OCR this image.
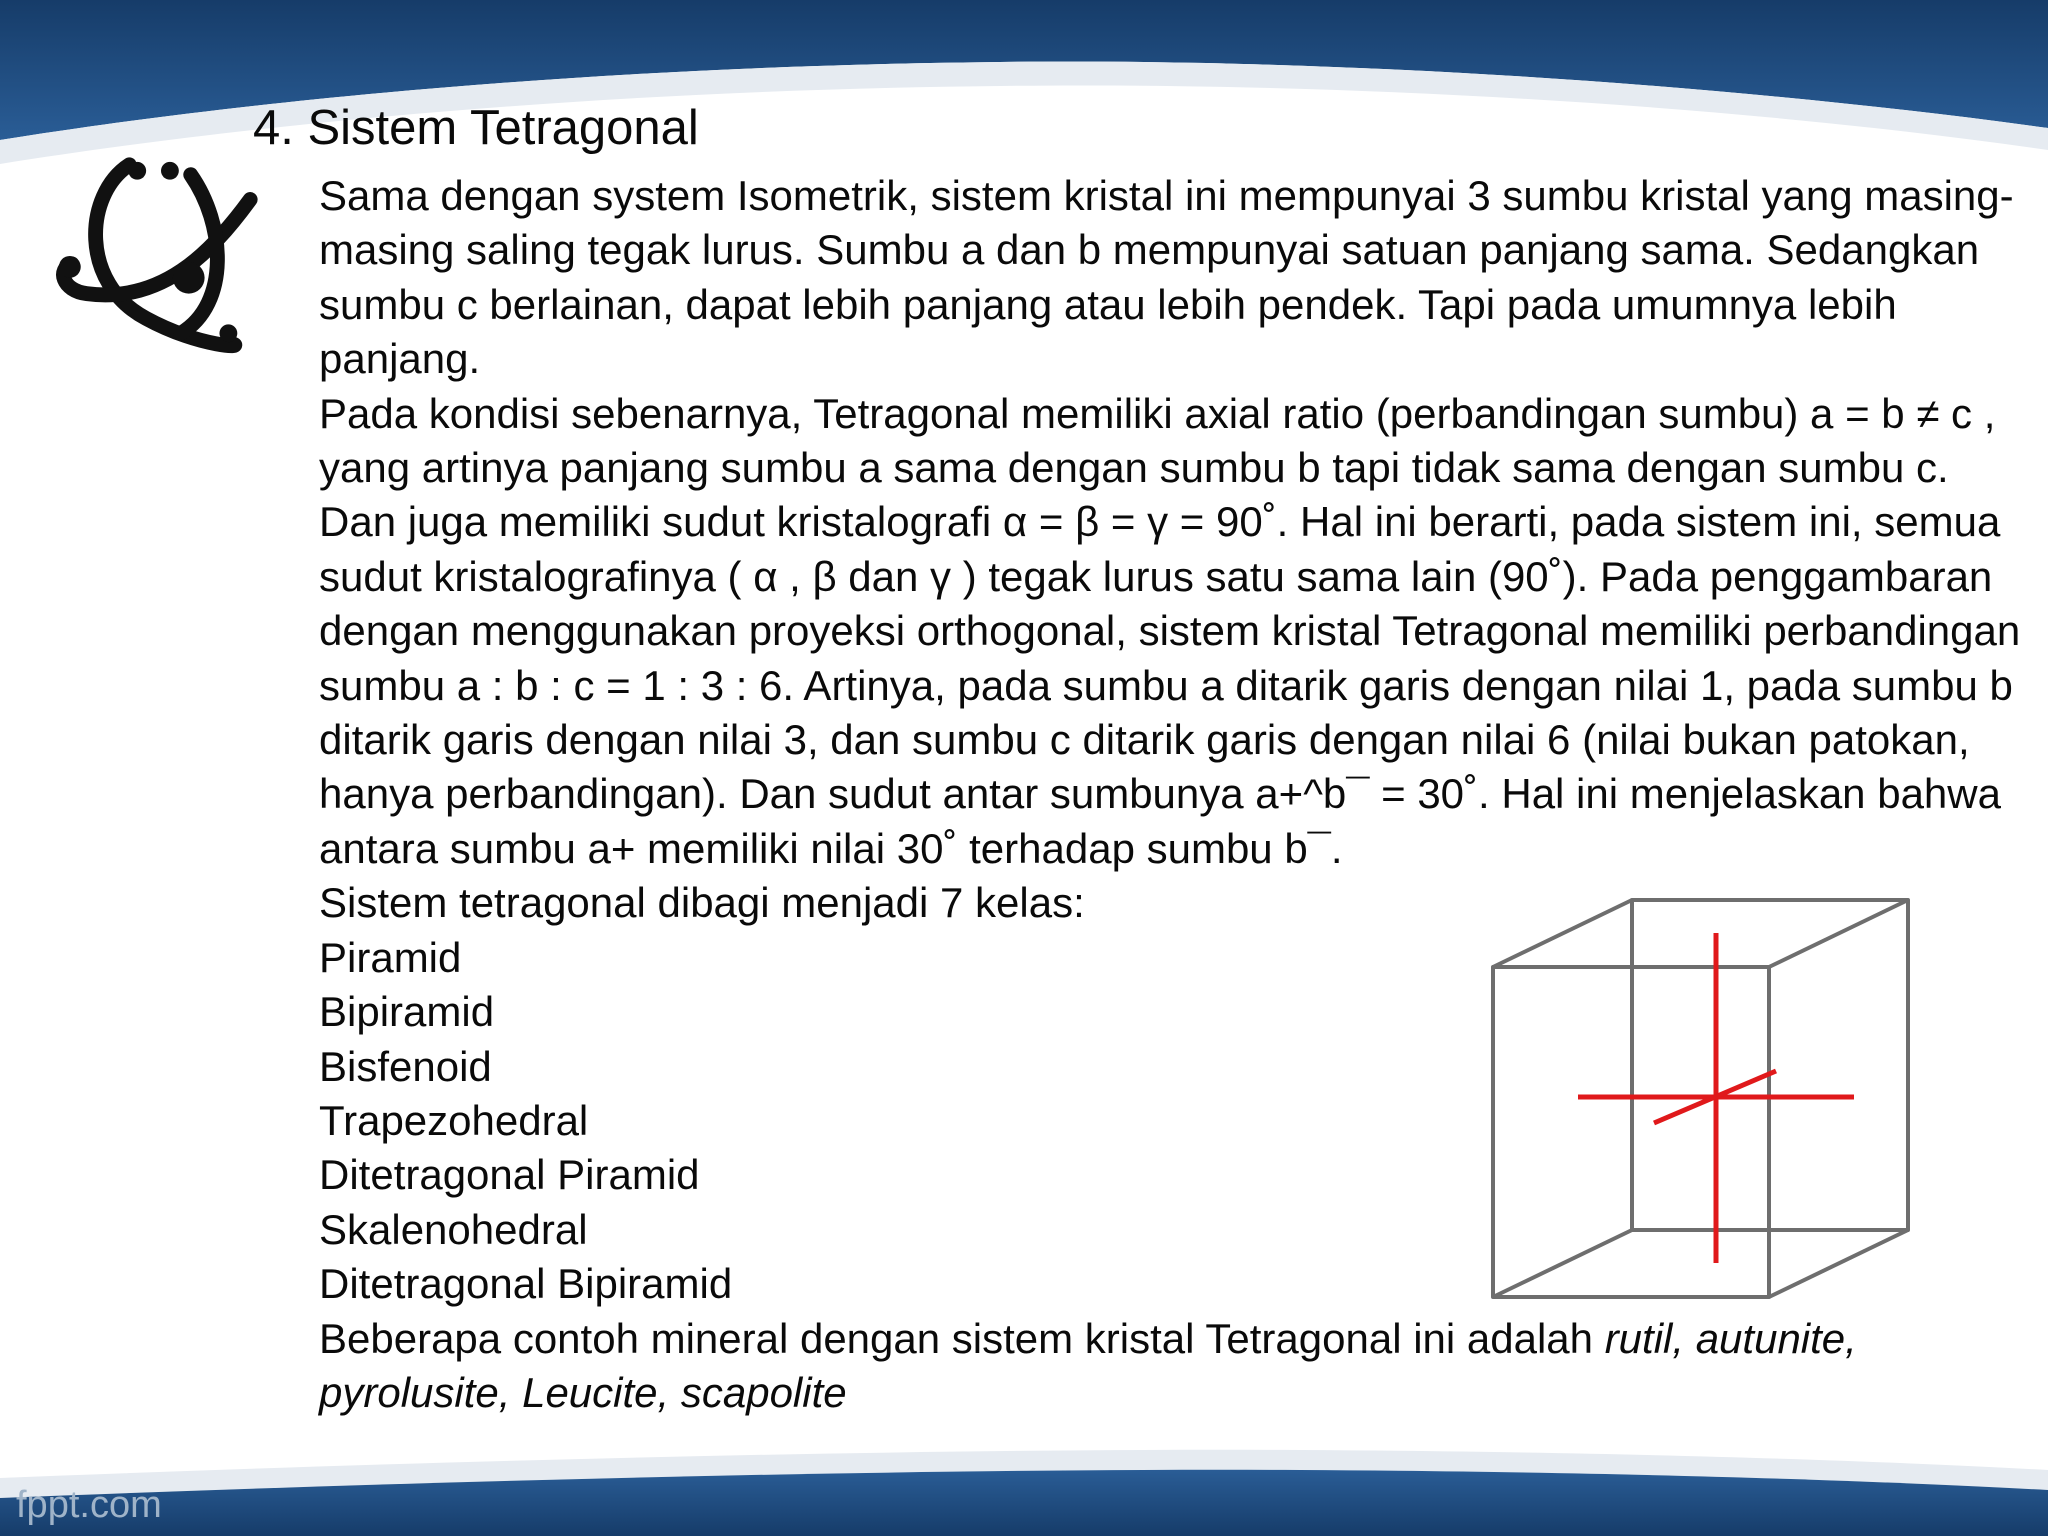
fppt.com
4. Sistem Tetragonal

Sama dengan system Isometrik, sistem kristal ini mempunyai 3 sumbu kristal yang masing-masing saling tegak lurus. Sumbu a dan b mempunyai satuan panjang sama. Sedangkan sumbu c berlainan, dapat lebih panjang atau lebih pendek. Tapi pada umumnya lebih panjang.

Pada kondisi sebenarnya, Tetragonal memiliki axial ratio (perbandingan sumbu) a = b ≠ c , yang artinya panjang sumbu a sama dengan sumbu b tapi tidak sama dengan sumbu c. Dan juga memiliki sudut kristalografi α = β = γ = 90˚. Hal ini berarti, pada sistem ini, semua sudut kristalografinya ( α , β dan γ ) tegak lurus satu sama lain (90˚). Pada penggambaran dengan menggunakan proyeksi orthogonal, sistem kristal Tetragonal memiliki perbandingan sumbu a : b : c = 1 : 3 : 6. Artinya, pada sumbu a ditarik garis dengan nilai 1, pada sumbu b ditarik garis dengan nilai 3, dan sumbu c ditarik garis dengan nilai 6 (nilai bukan patokan, hanya perbandingan). Dan sudut antar sumbunya a+^b¯ = 30˚. Hal ini menjelaskan bahwa antara sumbu a+ memiliki nilai 30˚ terhadap sumbu b¯.

Sistem tetragonal dibagi menjadi 7 kelas:

Piramid
Bipiramid
Bisfenoid
Trapezohedral
Ditetragonal Piramid
Skalenohedral
Ditetragonal Bipiramid

Beberapa contoh mineral dengan sistem kristal Tetragonal ini adalah rutil, autunite, pyrolusite, Leucite, scapolite
